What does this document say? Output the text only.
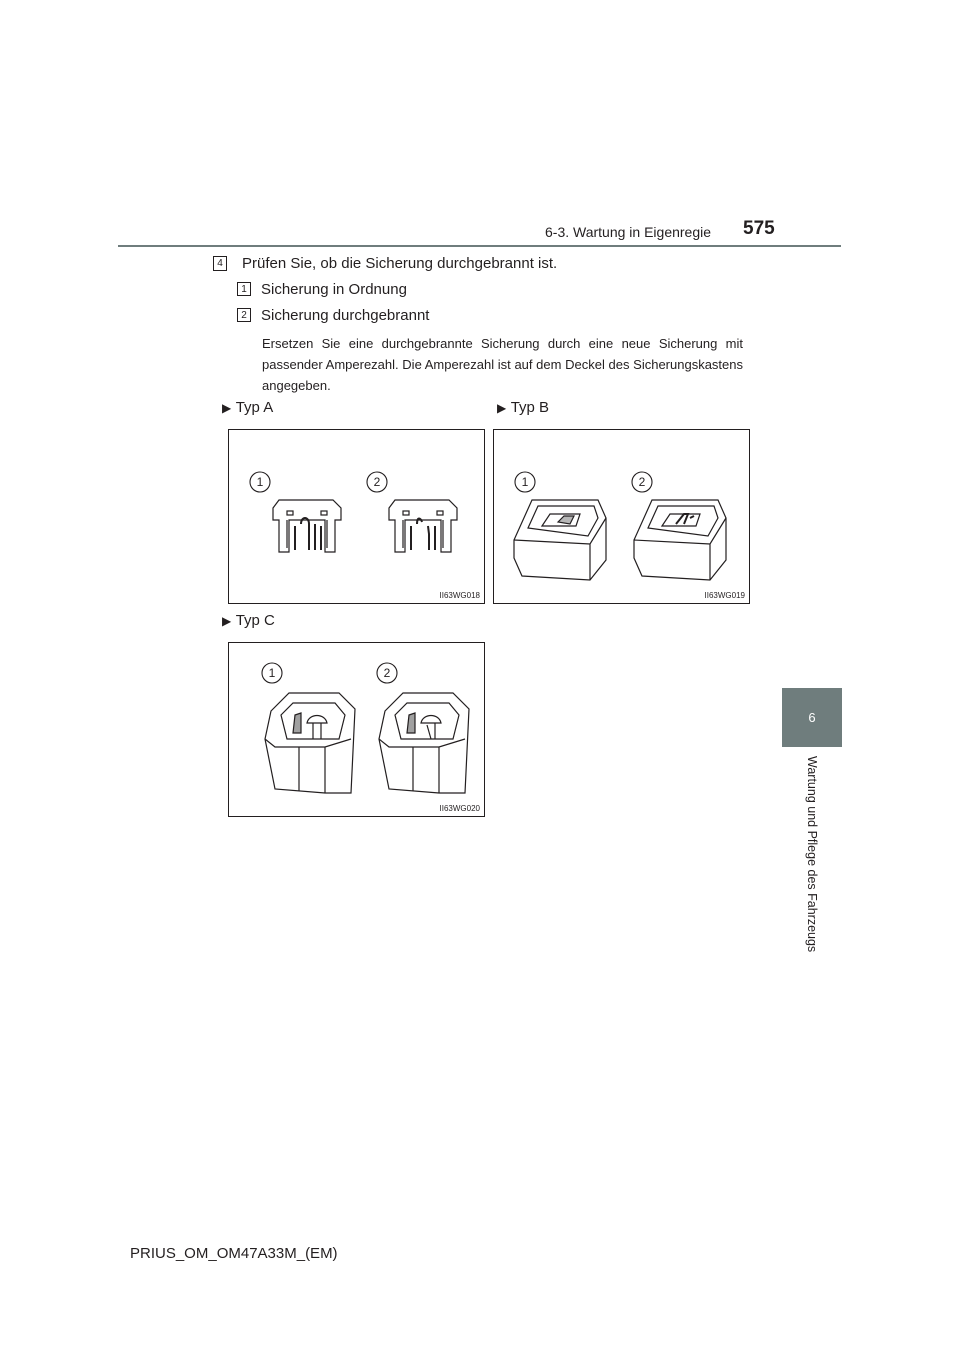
6-3. Wartung in Eigenregie 575
6
Wartung und Pflege des Fahrzeugs
4 Prüfen Sie, ob die Sicherung durchgebrannt ist.
1 Sicherung in Ordnung
2 Sicherung durchgebrannt
Ersetzen Sie eine durchgebrannte Sicherung durch eine neue Sicherung mit passender Amperezahl. Die Amperezahl ist auf dem Deckel des Sicherungskastens angegeben.
▶ Typ A	▶ Typ B
▶ Typ C
1	2
II63WG018
1	2
II63WG019
1	2
II63WG020
PRIUS_OM_OM47A33M_(EM)
